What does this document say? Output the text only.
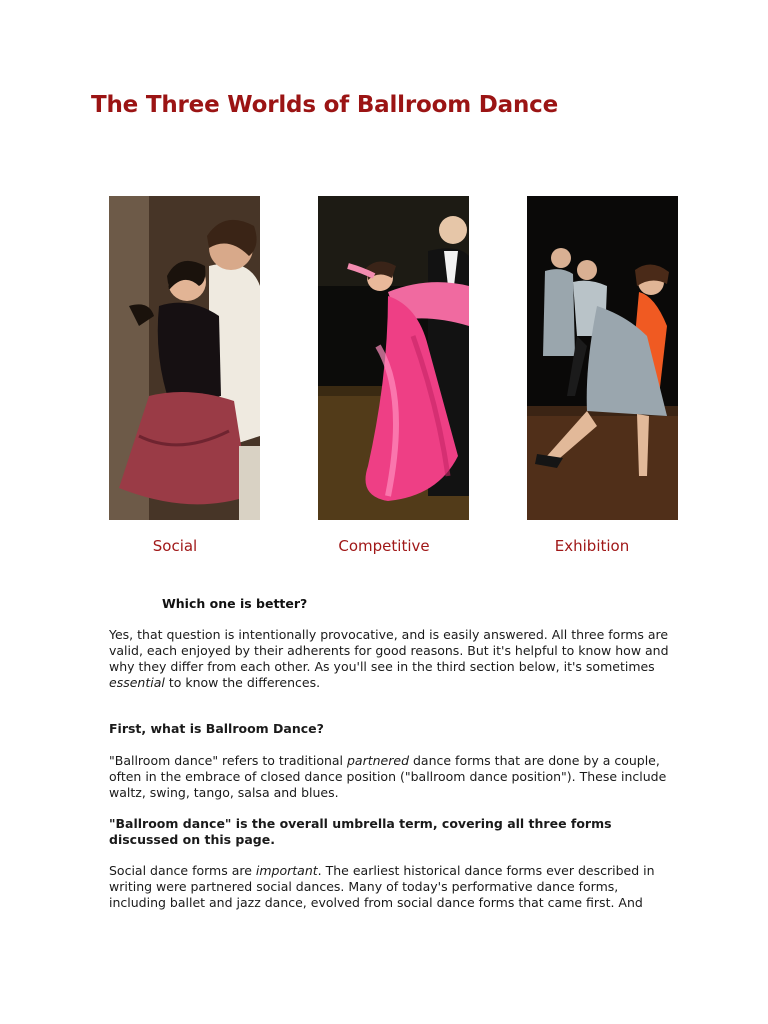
The Three Worlds of Ballroom Dance
Social	Competitive	Exhibition
Which one is better?

Yes, that question is intentionally provocative, and is easily answered. All three forms are valid, each enjoyed by their adherents for good reasons. But it's helpful to know how and why they differ from each other. As you'll see in the third section below, it's sometimes essential to know the differences.

First, what is Ballroom Dance?

"Ballroom dance" refers to traditional partnered dance forms that are done by a couple, often in the embrace of closed dance position ("ballroom dance position"). These include waltz, swing, tango, salsa and blues.

"Ballroom dance" is the overall umbrella term, covering all three forms discussed on this page.

Social dance forms are important. The earliest historical dance forms ever described in writing were partnered social dances. Many of today's performative dance forms, including ballet and jazz dance, evolved from social dance forms that came first. And
